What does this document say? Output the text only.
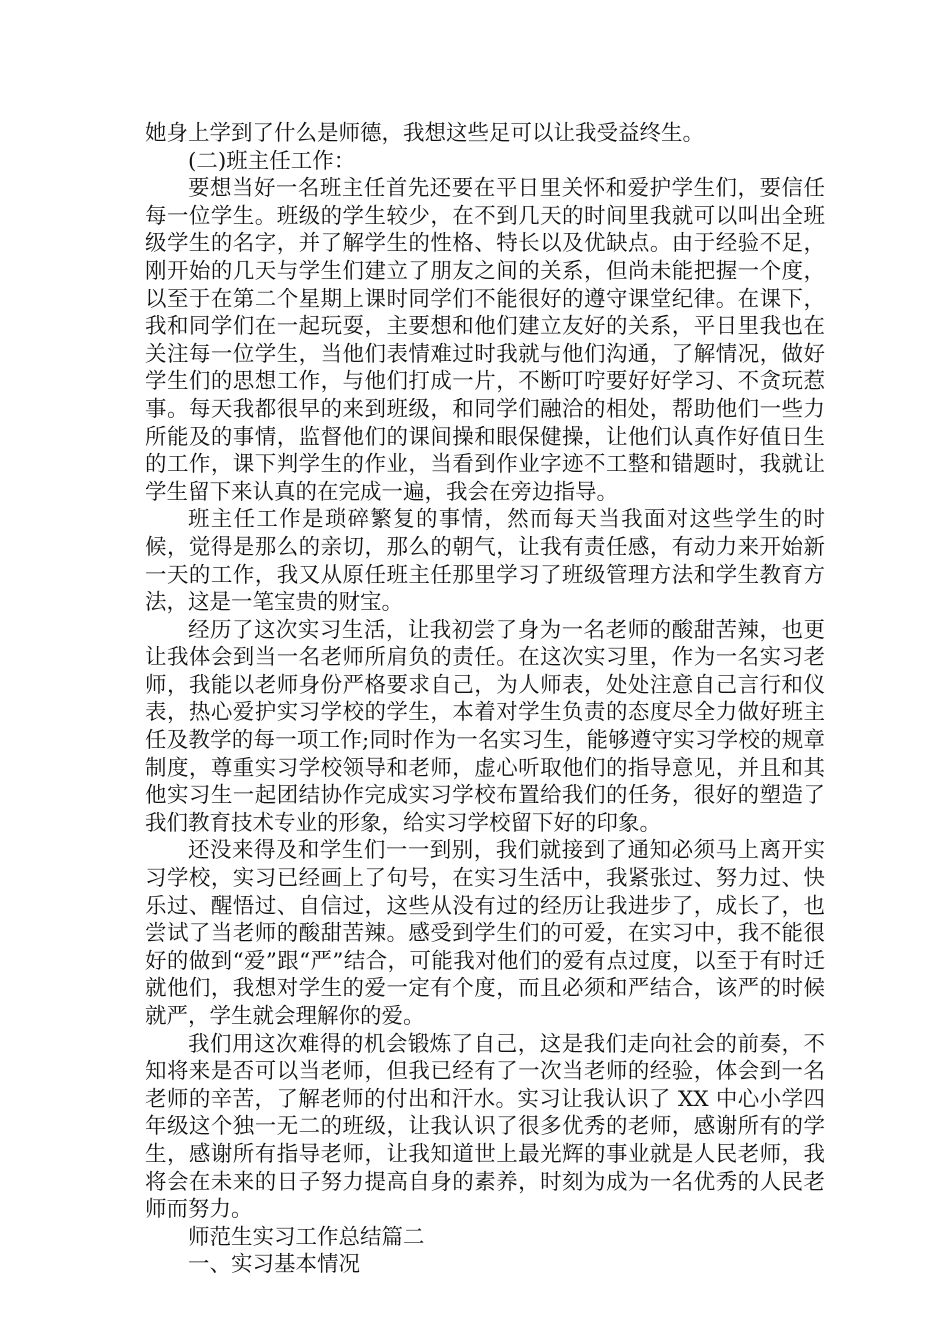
她身上学到了什么是师德，我想这些足可以让我受益终生。

(二)班主任工作：

要想当好一名班主任首先还要在平日里关怀和爱护学生们，要信任每一位学生。班级的学生较少，在不到几天的时间里我就可以叫出全班级学生的名字，并了解学生的性格、特长以及优缺点。由于经验不足，刚开始的几天与学生们建立了朋友之间的关系，但尚未能把握一个度，以至于在第二个星期上课时同学们不能很好的遵守课堂纪律。在课下，我和同学们在一起玩耍，主要想和他们建立友好的关系，平日里我也在关注每一位学生，当他们表情难过时我就与他们沟通，了解情况，做好学生们的思想工作，与他们打成一片，不断叮咛要好好学习、不贪玩惹事。每天我都很早的来到班级，和同学们融洽的相处，帮助他们一些力所能及的事情，监督他们的课间操和眼保健操，让他们认真作好值日生的工作，课下判学生的作业，当看到作业字迹不工整和错题时，我就让学生留下来认真的在完成一遍，我会在旁边指导。

班主任工作是琐碎繁复的事情，然而每天当我面对这些学生的时候，觉得是那么的亲切，那么的朝气，让我有责任感，有动力来开始新一天的工作，我又从原任班主任那里学习了班级管理方法和学生教育方法，这是一笔宝贵的财宝。

经历了这次实习生活，让我初尝了身为一名老师的酸甜苦辣，也更让我体会到当一名老师所肩负的责任。在这次实习里，作为一名实习老师，我能以老师身份严格要求自己，为人师表，处处注意自己言行和仪表，热心爱护实习学校的学生，本着对学生负责的态度尽全力做好班主任及教学的每一项工作;同时作为一名实习生，能够遵守实习学校的规章制度，尊重实习学校领导和老师，虚心听取他们的指导意见，并且和其他实习生一起团结协作完成实习学校布置给我们的任务，很好的塑造了我们教育技术专业的形象，给实习学校留下好的印象。

还没来得及和学生们一一到别，我们就接到了通知必须马上离开实习学校，实习已经画上了句号，在实习生活中，我紧张过、努力过、快乐过、醒悟过、自信过，这些从没有过的经历让我进步了，成长了，也尝试了当老师的酸甜苦辣。感受到学生们的可爱，在实习中，我不能很好的做到“爱”跟“严”结合，可能我对他们的爱有点过度，以至于有时迁就他们，我想对学生的爱一定有个度，而且必须和严结合，该严的时候就严，学生就会理解你的爱。

我们用这次难得的机会锻炼了自己，这是我们走向社会的前奏，不知将来是否可以当老师，但我已经有了一次当老师的经验，体会到一名老师的辛苦，了解老师的付出和汗水。实习让我认识了 XX 中心小学四年级这个独一无二的班级，让我认识了很多优秀的老师，感谢所有的学生，感谢所有指导老师，让我知道世上最光辉的事业就是人民老师，我将会在未来的日子努力提高自身的素养，时刻为成为一名优秀的人民老师而努力。

师范生实习工作总结篇二

一、实习基本情况
